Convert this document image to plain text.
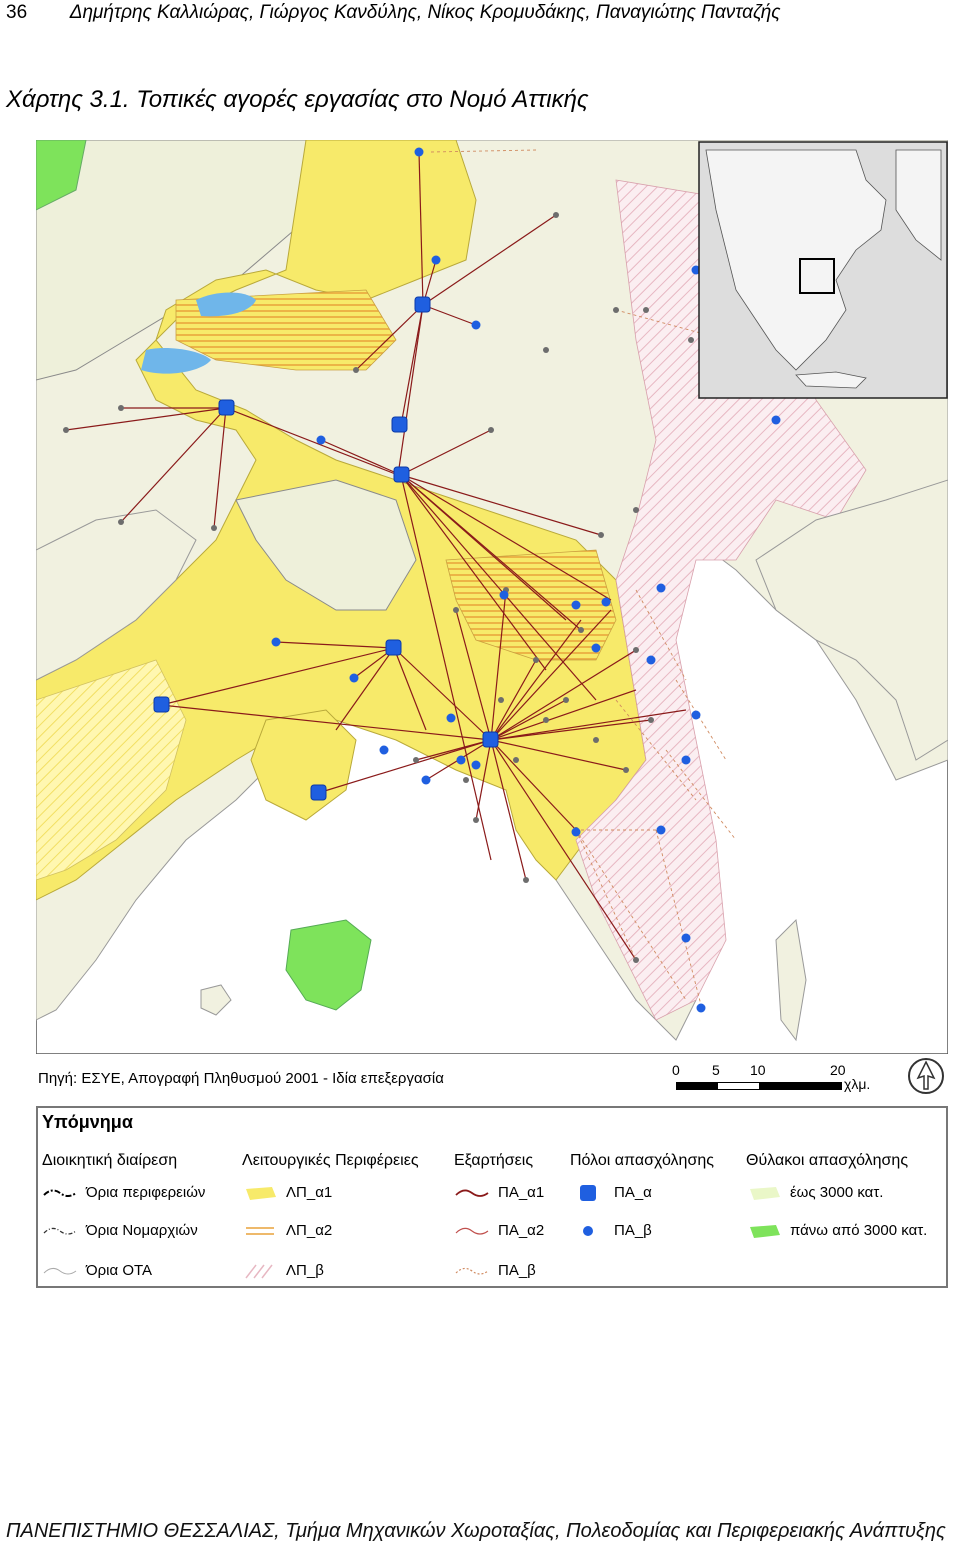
36 Δημήτρης Καλλιώρας, Γιώργος Κανδύλης, Νίκος Κρομυδάκης, Παναγιώτης Πανταζής
Χάρτης 3.1. Τοπικές αγορές εργασίας στο Νομό Αττικής
Πηγή: ΕΣΥΕ, Απογραφή Πληθυσμού 2001 - Ιδία επεξεργασία	0 5 10	20
χλμ.
Υπόμνημα
Διοικητική διαίρεση
Όρια περιφερειών
Όρια Νομαρχιών
Όρια ΟΤΑ
Λειτουργικές Περιφέρειες
ΛΠ_α1
ΛΠ_α2
ΛΠ_β
Εξαρτήσεις
ΠΑ_α1
ΠΑ_α2
ΠΑ_β
Πόλοι απασχόλησης
ΠΑ_α
ΠΑ_β
Θύλακοι απασχόλησης
έως 3000 κατ.
πάνω από 3000 κατ.
ΠΑΝΕΠΙΣΤΗΜΙΟ ΘΕΣΣΑΛΙΑΣ, Τμήμα Μηχανικών Χωροταξίας, Πολεοδομίας και Περιφερειακής Ανάπτυξης
